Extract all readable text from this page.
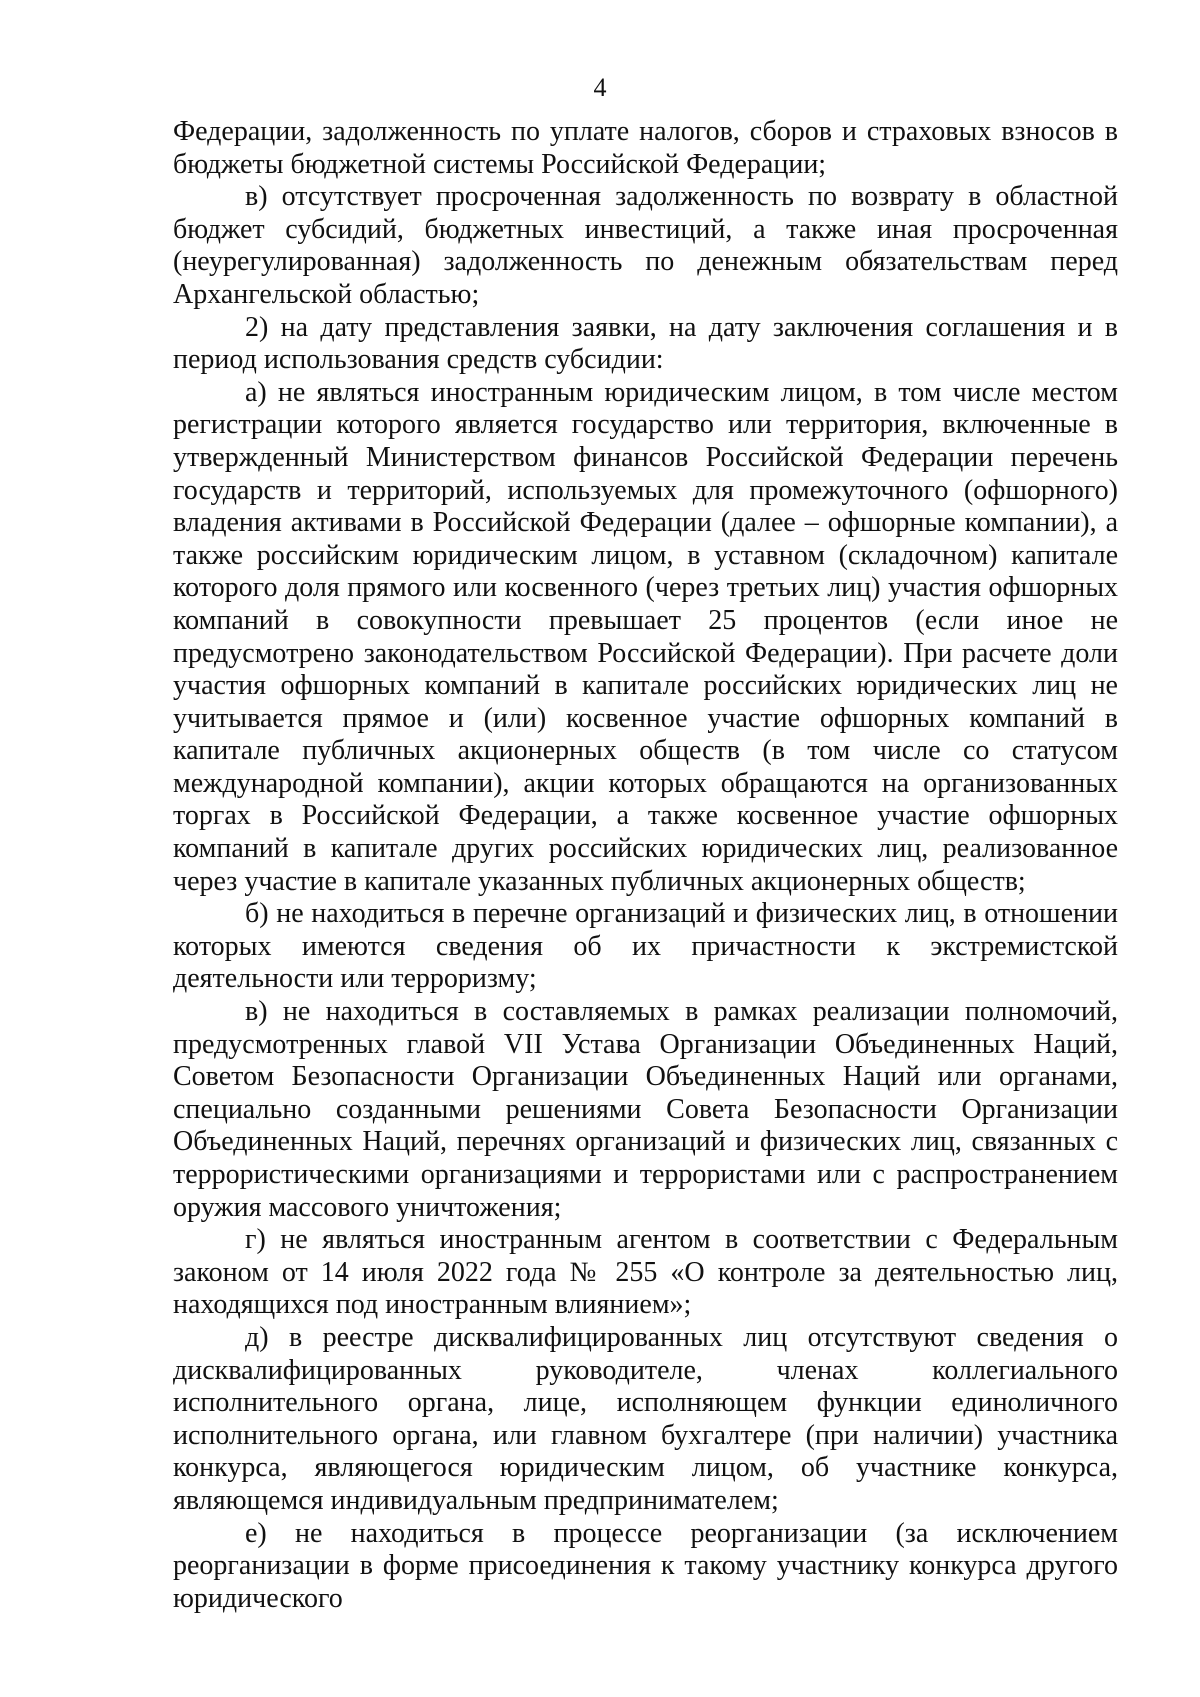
4

Федерации, задолженность по уплате налогов, сборов и страховых взносов в бюджеты бюджетной системы Российской Федерации;

в) отсутствует просроченная задолженность по возврату в областной бюджет субсидий, бюджетных инвестиций, а также иная просроченная (неурегулированная) задолженность по денежным обязательствам перед Архангельской областью;

2) на дату представления заявки, на дату заключения соглашения и в период использования средств субсидии:

а) не являться иностранным юридическим лицом, в том числе местом регистрации которого является государство или территория, включенные в утвержденный Министерством финансов Российской Федерации перечень государств и территорий, используемых для промежуточного (офшорного) владения активами в Российской Федерации (далее – офшорные компании), а также российским юридическим лицом, в уставном (складочном) капитале которого доля прямого или косвенного (через третьих лиц) участия офшорных компаний в совокупности превышает 25 процентов (если иное не предусмотрено законодательством Российской Федерации). При расчете доли участия офшорных компаний в капитале российских юридических лиц не учитывается прямое и (или) косвенное участие офшорных компаний в капитале публичных акционерных обществ (в том числе со статусом международной компании), акции которых обращаются на организованных торгах в Российской Федерации, а также косвенное участие офшорных компаний в капитале других российских юридических лиц, реализованное через участие в капитале указанных публичных акционерных обществ;

б) не находиться в перечне организаций и физических лиц, в отношении которых имеются сведения об их причастности к экстремистской деятельности или терроризму;

в) не находиться в составляемых в рамках реализации полномочий, предусмотренных главой VII Устава Организации Объединенных Наций, Советом Безопасности Организации Объединенных Наций или органами, специально созданными решениями Совета Безопасности Организации Объединенных Наций, перечнях организаций и физических лиц, связанных с террористическими организациями и террористами или с распространением оружия массового уничтожения;

г) не являться иностранным агентом в соответствии с Федеральным законом от 14 июля 2022 года № 255 «О контроле за деятельностью лиц, находящихся под иностранным влиянием»;

д) в реестре дисквалифицированных лиц отсутствуют сведения о дисквалифицированных руководителе, членах коллегиального исполнительного органа, лице, исполняющем функции единоличного исполнительного органа, или главном бухгалтере (при наличии) участника конкурса, являющегося юридическим лицом, об участнике конкурса, являющемся индивидуальным предпринимателем;

е) не находиться в процессе реорганизации (за исключением реорганизации в форме присоединения к такому участнику конкурса другого юридического
